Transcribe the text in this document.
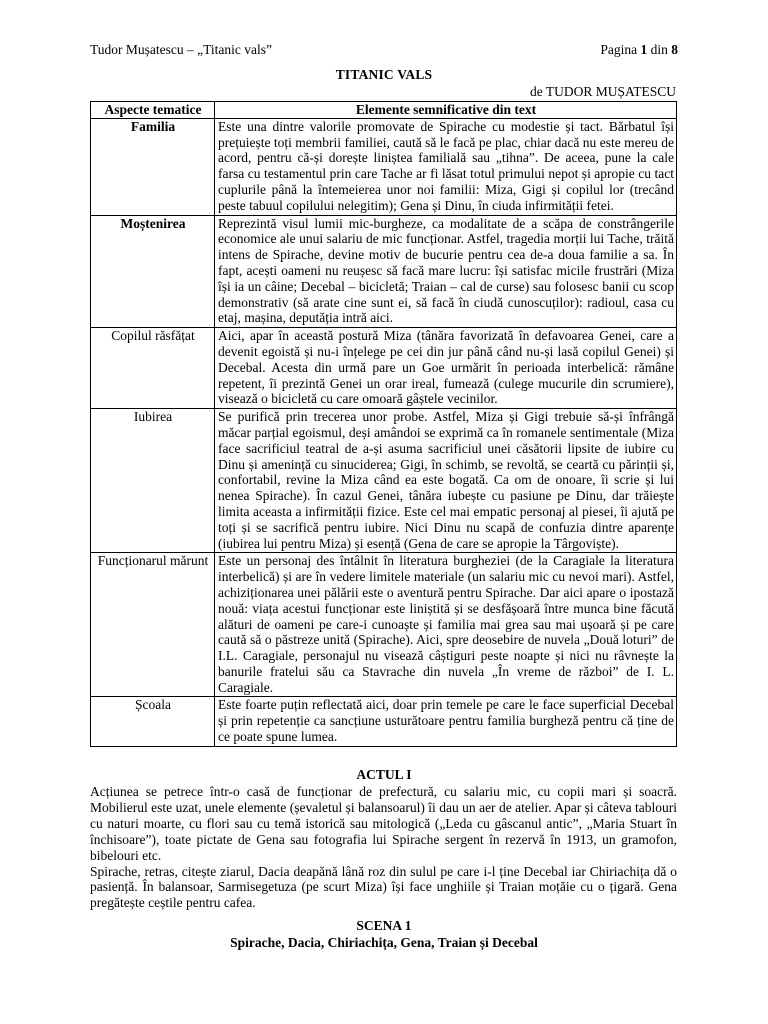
Tudor Mușatescu – „Titanic vals”	Pagina 1 din 8
TITANIC VALS
de TUDOR MUȘATESCU
Aspecte tematice	Elemente semnificative din text
Familia	Este una dintre valorile promovate de Spirache cu modestie și tact. Bărbatul își prețuiește toți membrii familiei, caută să le facă pe plac, chiar dacă nu este mereu de acord, pentru că-și dorește liniștea familială sau „tihna”. De aceea, pune la cale farsa cu testamentul prin care Tache ar fi lăsat totul primului nepot și apropie cu tact cuplurile până la întemeierea unor noi familii: Miza, Gigi și copilul lor (trecând peste tabuul copilului nelegitim); Gena și Dinu, în ciuda infirmității fetei.
Moștenirea	Reprezintă visul lumii mic-burgheze, ca modalitate de a scăpa de constrângerile economice ale unui salariu de mic funcționar. Astfel, tragedia morții lui Tache, trăită intens de Spirache, devine motiv de bucurie pentru cea de-a doua familie a sa. În fapt, acești oameni nu reușesc să facă mare lucru: își satisfac micile frustrări (Miza își ia un câine; Decebal – bicicletă; Traian – cal de curse) sau folosesc banii cu scop demonstrativ (să arate cine sunt ei, să facă în ciudă cunoscuților): radioul, casa cu etaj, mașina, deputăția intră aici.
Copilul răsfățat	Aici, apar în această postură Miza (tânăra favorizată în defavoarea Genei, care a devenit egoistă și nu-i înțelege pe cei din jur până când nu-și lasă copilul Genei) și Decebal. Acesta din urmă pare un Goe urmărit în perioada interbelică: rămâne repetent, îi prezintă Genei un orar ireal, fumează (culege mucurile din scrumiere), visează o bicicletă cu care omoară gâștele vecinilor.
Iubirea	Se purifică prin trecerea unor probe. Astfel, Miza și Gigi trebuie să-și înfrângă măcar parțial egoismul, deși amândoi se exprimă ca în romanele sentimentale (Miza face sacrificiul teatral de a-și asuma sacrificiul unei căsătorii lipsite de iubire cu Dinu și amenință cu sinuciderea; Gigi, în schimb, se revoltă, se ceartă cu părinții și, confortabil, revine la Miza când ea este bogată. Ca om de onoare, îi scrie și lui nenea Spirache). În cazul Genei, tânăra iubește cu pasiune pe Dinu, dar trăiește limita aceasta a infirmității fizice. Este cel mai empatic personaj al piesei, îi ajută pe toți și se sacrifică pentru iubire. Nici Dinu nu scapă de confuzia dintre aparențe (iubirea lui pentru Miza) și esență (Gena de care se apropie la Târgoviște).
Funcționarul mărunt	Este un personaj des întâlnit în literatura burgheziei (de la Caragiale la literatura interbelică) și are în vedere limitele materiale (un salariu mic cu nevoi mari). Astfel, achiziționarea unei pălării este o aventură pentru Spirache. Dar aici apare o ipostază nouă: viața acestui funcționar este liniștită și se desfășoară între munca bine făcută alături de oameni pe care-i cunoaște și familia mai grea sau mai ușoară și pe care caută să o păstreze unită (Spirache). Aici, spre deosebire de nuvela „Două loturi” de I.L. Caragiale, personajul nu visează câștiguri peste noapte și nici nu râvnește la banurile fratelui său ca Stavrache din nuvela „În vreme de război” de I. L. Caragiale.
Școala	Este foarte puțin reflectată aici, doar prin temele pe care le face superficial Decebal și prin repetenție ca sancțiune usturătoare pentru familia burgheză pentru că ține de ce poate spune lumea.
ACTUL I

Acțiunea se petrece într-o casă de funcționar de prefectură, cu salariu mic, cu copii mari și soacră. Mobilierul este uzat, unele elemente (șevaletul și balansoarul) îi dau un aer de atelier. Apar și câteva tablouri cu naturi moarte, cu flori sau cu temă istorică sau mitologică („Leda cu gâscanul antic”, „Maria Stuart în închisoare”), toate pictate de Gena sau fotografia lui Spirache sergent în rezervă în 1913, un gramofon, bibelouri etc.

Spirache, retras, citește ziarul, Dacia deapănă lână roz din sulul pe care i-l ține Decebal iar Chiriachița dă o pasiență. În balansoar, Sarmisegetuza (pe scurt Miza) își face unghiile și Traian moțăie cu o țigară. Gena pregătește ceștile pentru cafea.

SCENA 1
Spirache, Dacia, Chiriachița, Gena, Traian și Decebal
